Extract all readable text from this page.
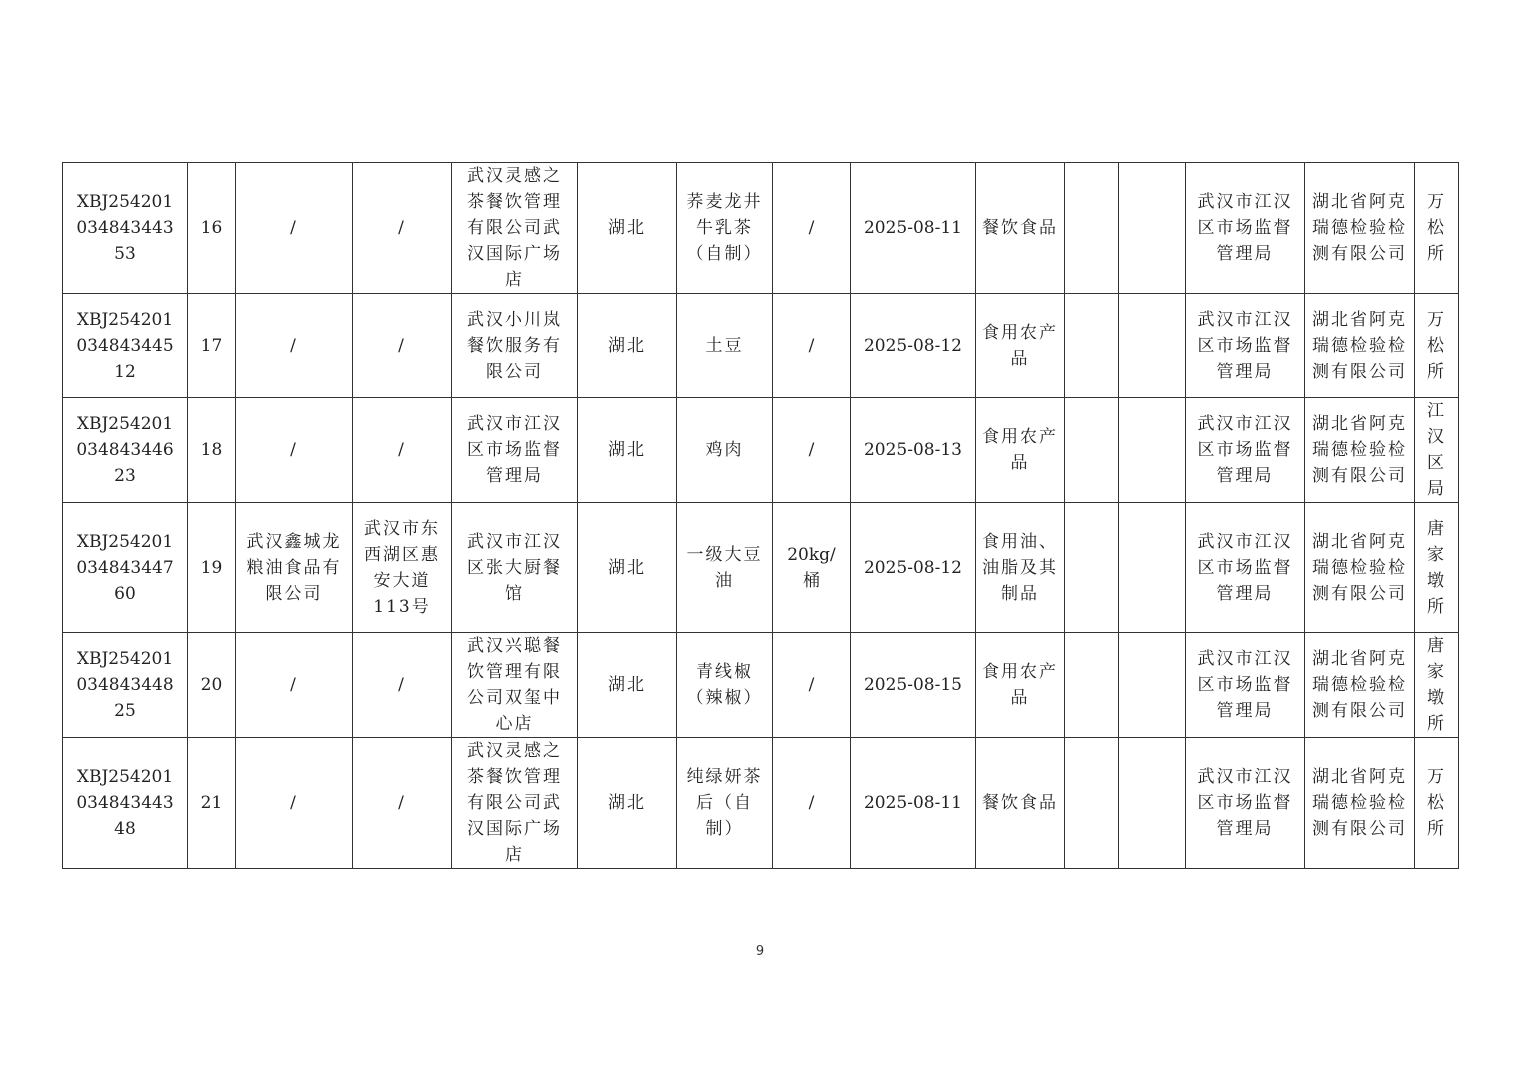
XBJ25420103484344353	16	/	/	武汉灵感之茶餐饮管理有限公司武汉国际广场店	湖北	荞麦龙井牛乳茶（自制）	/	2025-08-11	餐饮食品			武汉市江汉区市场监督管理局	湖北省阿克瑞德检验检测有限公司	万松所
XBJ25420103484344512	17	/	/	武汉小川岚餐饮服务有限公司	湖北	土豆	/	2025-08-12	食用农产品			武汉市江汉区市场监督管理局	湖北省阿克瑞德检验检测有限公司	万松所
XBJ25420103484344623	18	/	/	武汉市江汉区市场监督管理局	湖北	鸡肉	/	2025-08-13	食用农产品			武汉市江汉区市场监督管理局	湖北省阿克瑞德检验检测有限公司	江汉区局
XBJ25420103484344760	19	武汉鑫城龙粮油食品有限公司	武汉市东西湖区惠安大道113号	武汉市江汉区张大厨餐馆	湖北	一级大豆油	20kg/桶	2025-08-12	食用油、油脂及其制品			武汉市江汉区市场监督管理局	湖北省阿克瑞德检验检测有限公司	唐家墩所
XBJ25420103484344825	20	/	/	武汉兴聪餐饮管理有限公司双玺中心店	湖北	青线椒（辣椒）	/	2025-08-15	食用农产品			武汉市江汉区市场监督管理局	湖北省阿克瑞德检验检测有限公司	唐家墩所
XBJ25420103484344348	21	/	/	武汉灵感之茶餐饮管理有限公司武汉国际广场店	湖北	纯绿妍茶后（自制）	/	2025-08-11	餐饮食品			武汉市江汉区市场监督管理局	湖北省阿克瑞德检验检测有限公司	万松所
9
